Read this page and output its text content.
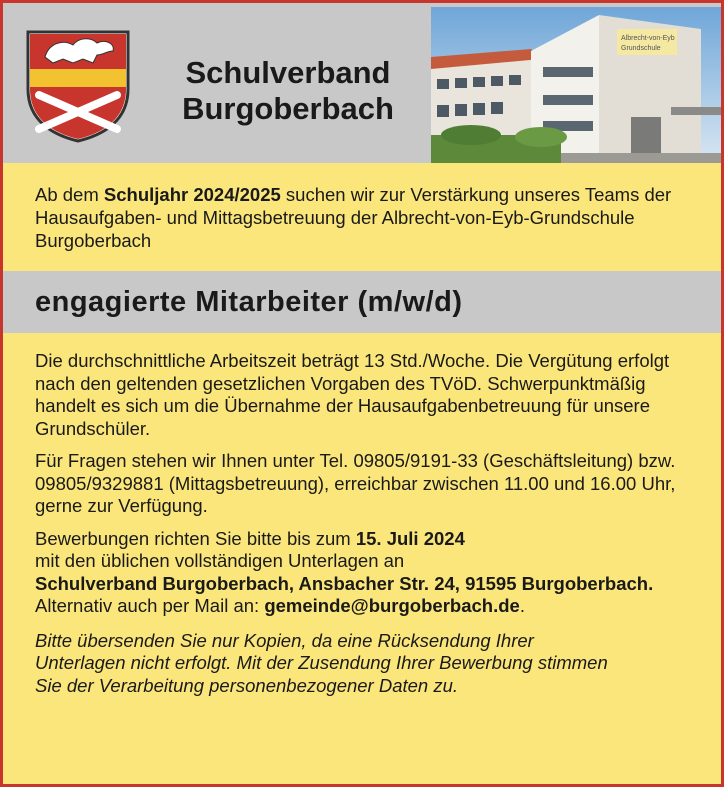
Schulverband
Burgoberbach
Albrecht-von-Eyb
Grundschule
Ab dem Schuljahr 2024/2025 suchen wir zur Verstärkung unseres Teams der Hausaufgaben- und Mittagsbetreuung der Albrecht-von-Eyb-Grundschule Burgoberbach
engagierte Mitarbeiter (m/w/d)

Die durchschnittliche Arbeitszeit beträgt 13 Std./Woche. Die Vergütung erfolgt nach den geltenden gesetzlichen Vorgaben des TVöD. Schwerpunktmäßig handelt es sich um die Übernahme der Hausaufgabenbetreuung für unsere Grundschüler.

Für Fragen stehen wir Ihnen unter Tel. 09805/9191-33 (Geschäftsleitung) bzw. 09805/9329881 (Mittagsbetreuung), erreichbar zwischen 11.00 und 16.00 Uhr, gerne zur Verfügung.

Bewerbungen richten Sie bitte bis zum 15. Juli 2024
mit den üblichen vollständigen Unterlagen an
Schulverband Burgoberbach, Ansbacher Str. 24, 91595 Burgoberbach.
Alternativ auch per Mail an: gemeinde@burgoberbach.de.

Bitte übersenden Sie nur Kopien, da eine Rücksendung Ihrer
Unterlagen nicht erfolgt. Mit der Zusendung Ihrer Bewerbung stimmen
Sie der Verarbeitung personenbezogener Daten zu.
